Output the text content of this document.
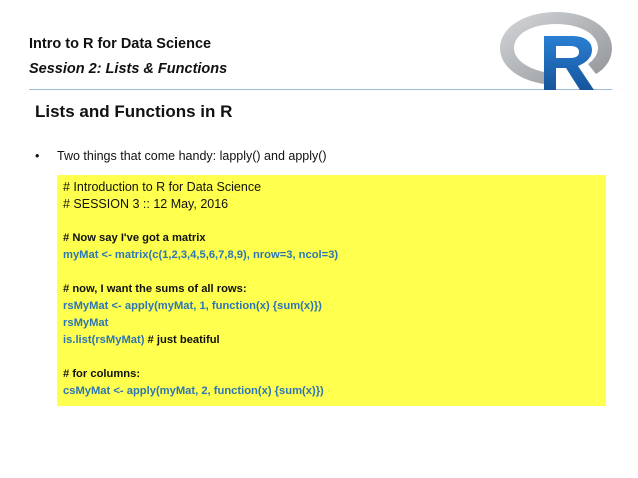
Intro to R for Data Science
Session 2: Lists & Functions
Lists and Functions in R
• Two things that come handy: lapply() and apply()
# Introduction to R for Data Science
# SESSION 3 :: 12 May, 2016
# Now say I've got a matrix
myMat <- matrix(c(1,2,3,4,5,6,7,8,9), nrow=3, ncol=3)
# now, I want the sums of all rows:
rsMyMat <- apply(myMat, 1, function(x) {sum(x)})
rsMyMat
is.list(rsMyMat) # just beatiful
# for columns:
csMyMat <- apply(myMat, 2, function(x) {sum(x)})
